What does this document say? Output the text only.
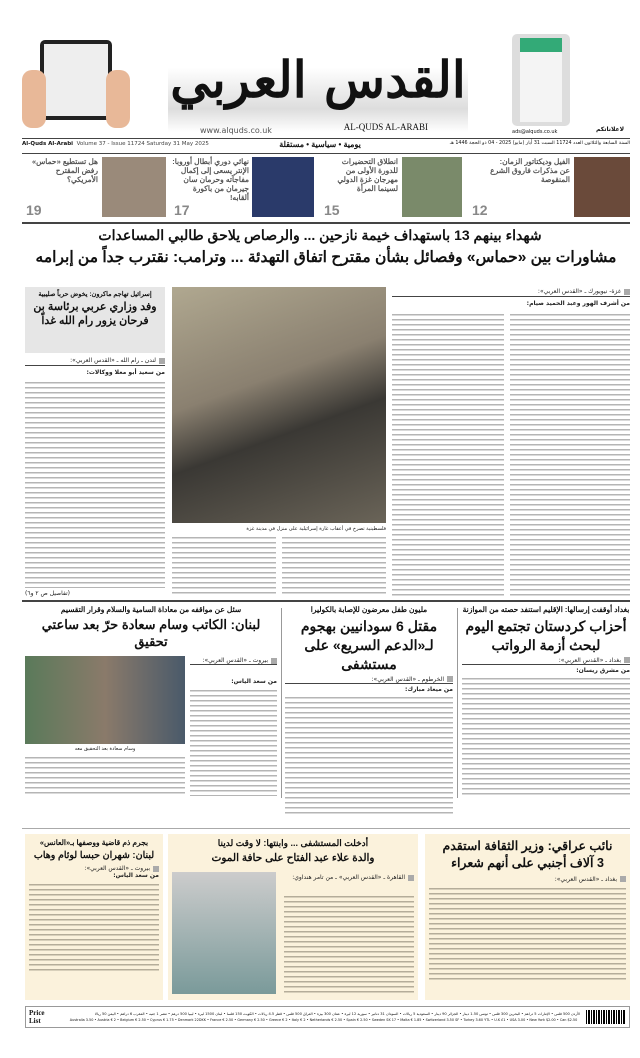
القدس العربي
AL-QUDS AL-ARABI
www.alquds.co.uk	ads@alquds.co.uk	لاعلاناتكم
Al-Quds Al-Arabi Volume 37 - Issue 11724 Saturday 31 May 2025	يومية • سياسية • مستقلة	السنة السابعة والثلاثون العدد 11724 السبت 31 أيار (مايو) 2025 - 04 ذو الحجة 1446 هـ
الفيل وديكتاتور الزمان: عن مذكرات فاروق الشرع المنقوصة
12
انطلاق التحضيرات للدورة الأولى من مهرجان غزة الدولي لسينما المرأة
15
نهائي دوري أبطال أوروبا: الإنتر يسعى إلى إكمال مفاجآته وحرمان سان جيرمان من باكورة ألقابه!
17
هل تستطيع «حماس» رفض المقترح الأمريكي؟
19
شهداء بينهم 13 باستهداف خيمة نازحين ... والرصاص يلاحق طالبي المساعدات
مشاورات بين «حماس» وفصائل بشأن مقترح اتفاق التهدئة ... وترامب: نقترب جداً من إبرامه
إسرائيل تهاجم ماكرون: يخوض حرباً صليبية
وفد وزاري عربي برئاسة بن فرحان يزور رام الله غداً
لندن ـ رام الله ـ «القدس العربي»:
من سعيد أبو معلا ووكالات:
(تفاصيل ص ٢ و٦)
فلسطينية تصرخ في أعقاب غارة إسرائيلية على منزل في مدينة غزة
غزة- نيويورك ـ «القدس العربي»:
من أشرف الهور وعبد الحميد صيام:
بغداد أوقفت إرسالها: الإقليم استنفد حصته من الموازنة
أحزاب كردستان تجتمع اليوم لبحث أزمة الرواتب
بغداد ـ «القدس العربي»:
من مشرق ريسان:
مليون طفل معرضون للإصابة بالكوليرا
مقتل 6 سودانيين بهجوم لـ«الدعم السريع» على مستشفى
الخرطوم ـ «القدس العربي»:
من ميعاد مبارك:
سئل عن مواقفه من معاداة السامية والسلام وقرار التقسيم
لبنان: الكاتب وسام سعادة حرّ بعد ساعتي تحقيق
وسام سعادة بعد التحقيق معه
بيروت ـ «القدس العربي»:
من سعد الياس:
نائب عراقي: وزير الثقافة استقدم 3 آلاف أجنبي على أنهم شعراء
بغداد ـ «القدس العربي»:
أدخلت المستشفى ... وابنتها: لا وقت لدينا
والدة علاء عبد الفتاح على حافة الموت
القاهرة ـ «القدس العربي» ـ من تامر هنداوي:
بجرم ذم قاضية ووصفها بـ«العانس»
لبنان: شهران حبسا لوئام وهاب
بيروت ـ «القدس العربي»:
من سعد الياس:
Price List
الأردن 500 فلس • الإمارات 5 دراهم • البحرين 300 فلس • تونس 1.50 دينار • الجزائر 90 دينار • السعودية 5 ريالات • السودان 31 دنانير • سورية 12 ليرة • عمان 300 بيزة • العراق 500 فلس • قطر 4.5 ريالات • الكويت 150 فلسا • لبنان 1500 ليرة • ليبيا 500 درهم • مصر 1 جنيه • المغرب 6 دراهم • اليمن 50 ريالا
Australia 3.50 • Austria € 2 • Belgium € 2.50 • Cyprus € 1.75 • Denmark 22DKK • France € 2.50 • Germany € 2.50 • Greece € 2 • Italy € 2 • Netherlands € 2.50 • Spain € 2.50 • Sweden SK 17 • Malta € 1.85 • Switzerland 3.50 SF • Turkey 3.60 YTL • U.K £1 • USA 3.00 • New York $2.00 • Can $2.50
